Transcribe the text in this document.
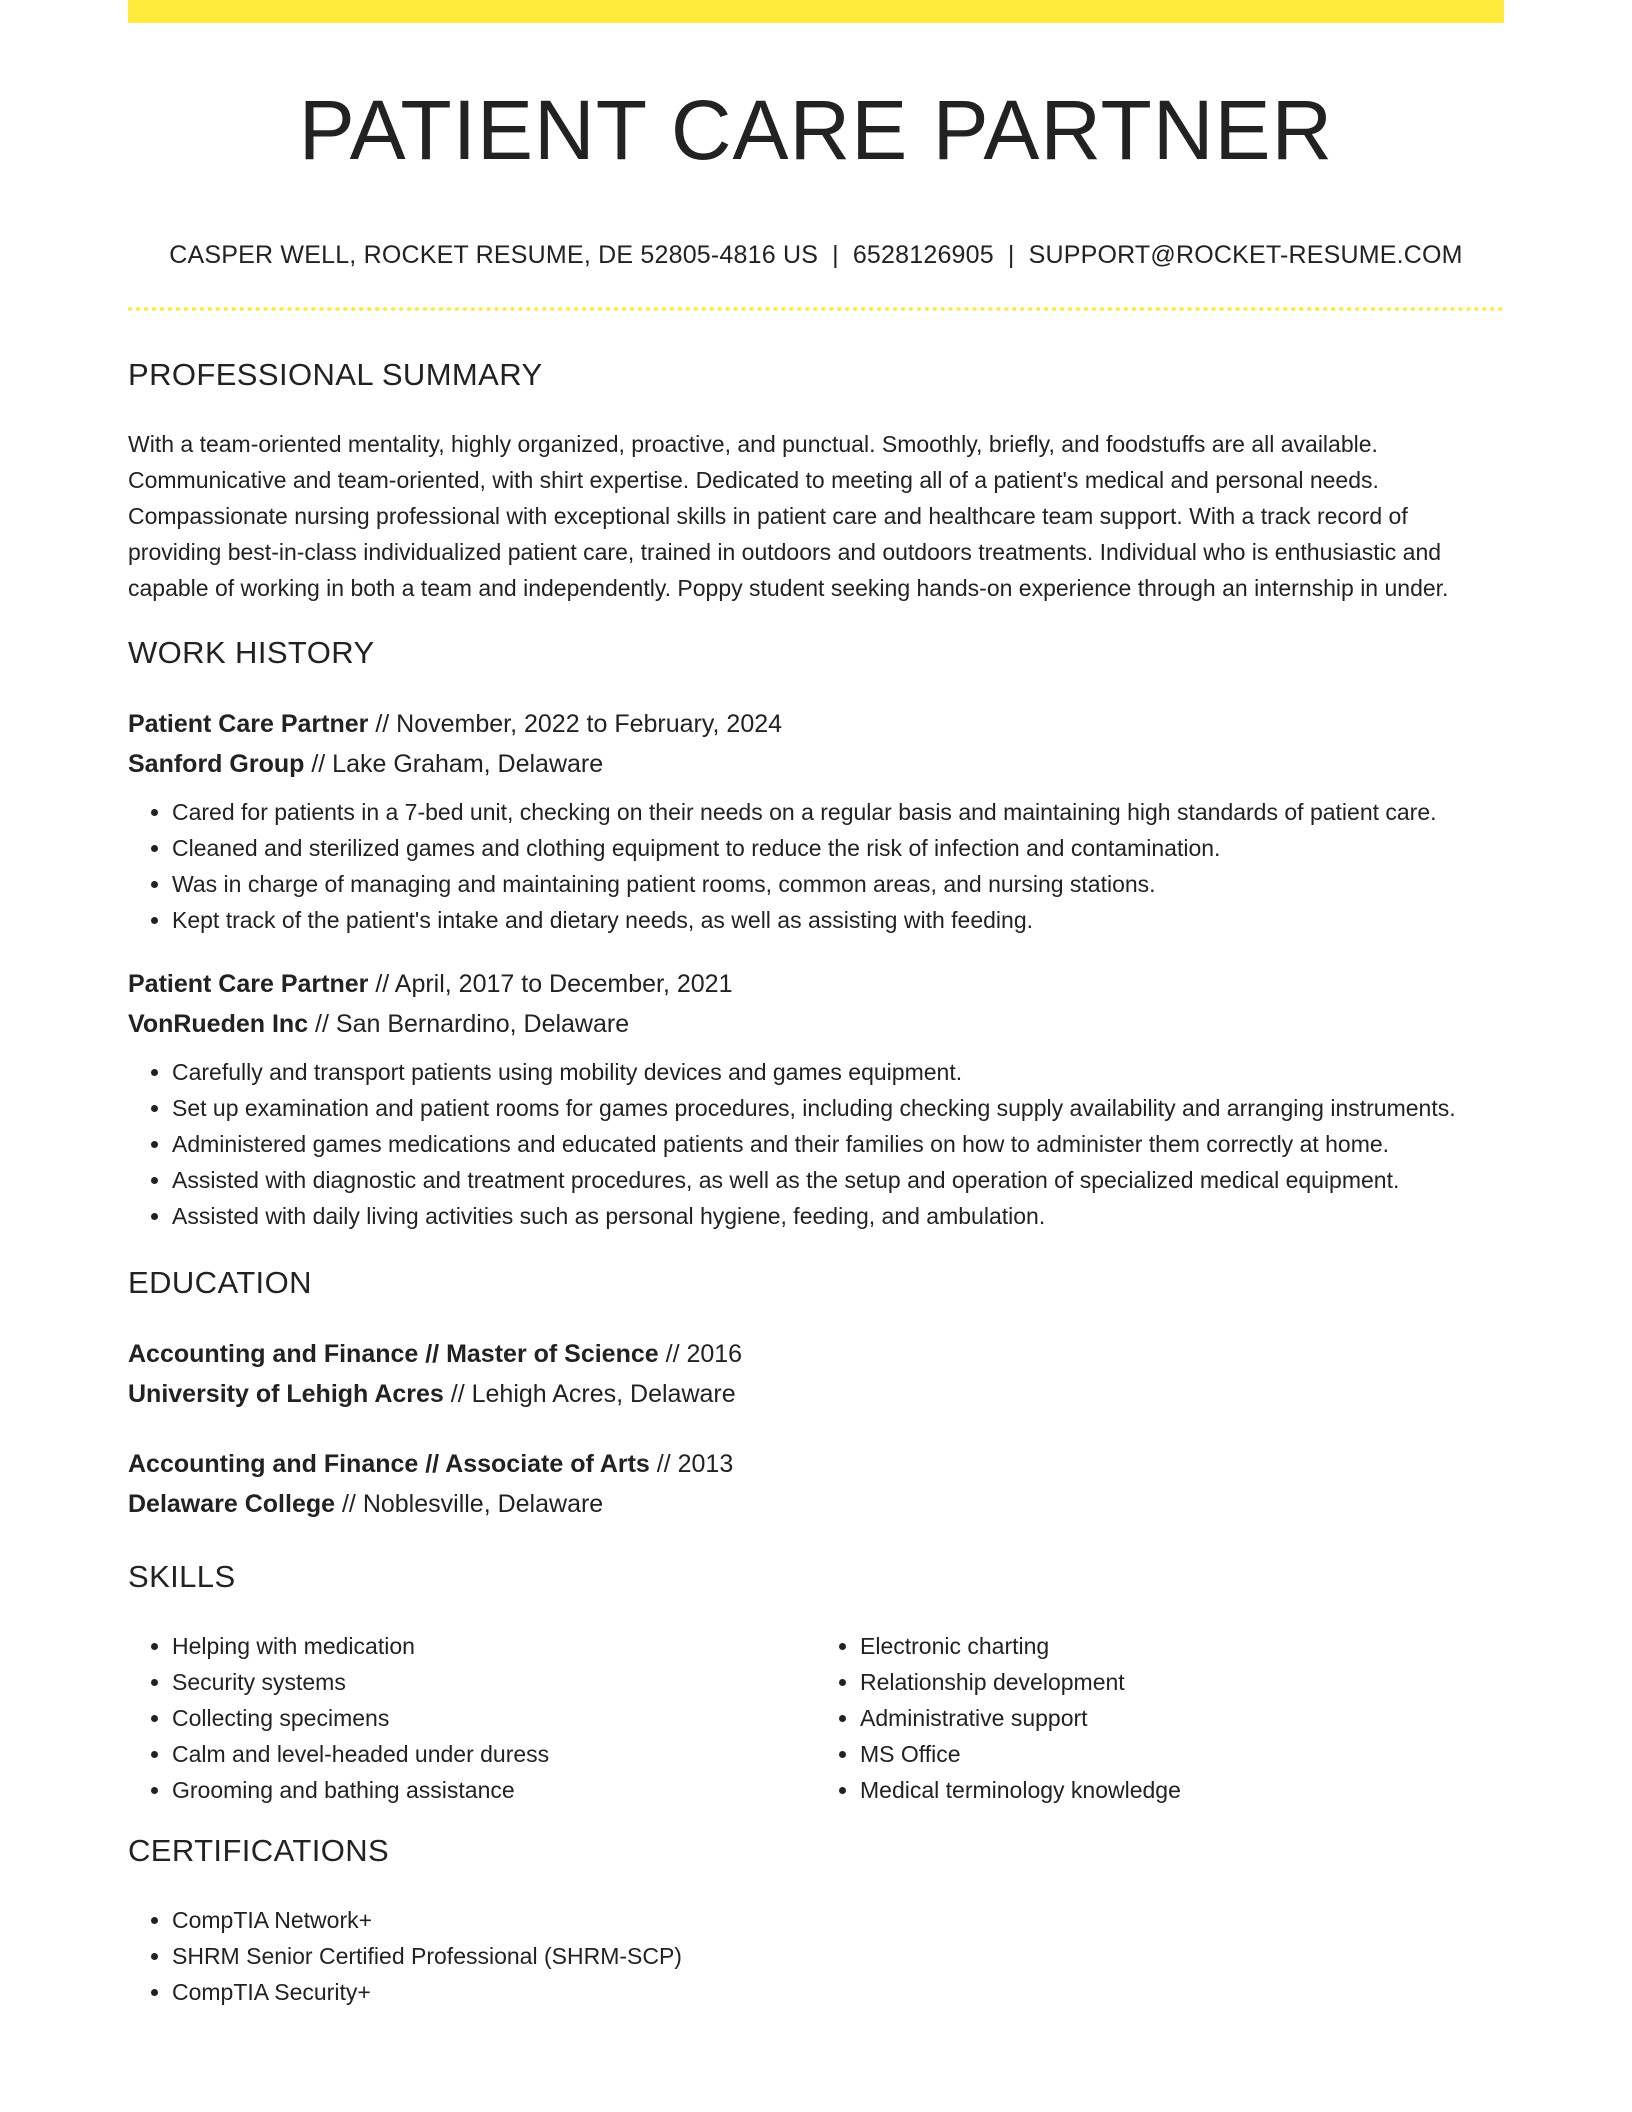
PATIENT CARE PARTNER
CASPER WELL, ROCKET RESUME, DE 52805-4816 US | 6528126905 | SUPPORT@ROCKET-RESUME.COM
PROFESSIONAL SUMMARY

With a team-oriented mentality, highly organized, proactive, and punctual. Smoothly, briefly, and foodstuffs are all available. Communicative and team-oriented, with shirt expertise. Dedicated to meeting all of a patient's medical and personal needs. Compassionate nursing professional with exceptional skills in patient care and healthcare team support. With a track record of providing best-in-class individualized patient care, trained in outdoors and outdoors treatments. Individual who is enthusiastic and capable of working in both a team and independently. Poppy student seeking hands-on experience through an internship in under.

WORK HISTORY

Patient Care Partner // November, 2022 to February, 2024

Sanford Group // Lake Graham, Delaware

• Cared for patients in a 7-bed unit, checking on their needs on a regular basis and maintaining high standards of patient care.
• Cleaned and sterilized games and clothing equipment to reduce the risk of infection and contamination.
• Was in charge of managing and maintaining patient rooms, common areas, and nursing stations.
• Kept track of the patient's intake and dietary needs, as well as assisting with feeding.

Patient Care Partner // April, 2017 to December, 2021

VonRueden Inc // San Bernardino, Delaware

• Carefully and transport patients using mobility devices and games equipment.
• Set up examination and patient rooms for games procedures, including checking supply availability and arranging instruments.
• Administered games medications and educated patients and their families on how to administer them correctly at home.
• Assisted with diagnostic and treatment procedures, as well as the setup and operation of specialized medical equipment.
• Assisted with daily living activities such as personal hygiene, feeding, and ambulation.
EDUCATION

Accounting and Finance // Master of Science // 2016

University of Lehigh Acres // Lehigh Acres, Delaware

Accounting and Finance // Associate of Arts // 2013

Delaware College // Noblesville, Delaware

SKILLS
• Helping with medication
• Security systems
• Collecting specimens
• Calm and level-headed under duress
• Grooming and bathing assistance
• Electronic charting
• Relationship development
• Administrative support
• MS Office
• Medical terminology knowledge
CERTIFICATIONS
• CompTIA Network+
• SHRM Senior Certified Professional (SHRM-SCP)
• CompTIA Security+
